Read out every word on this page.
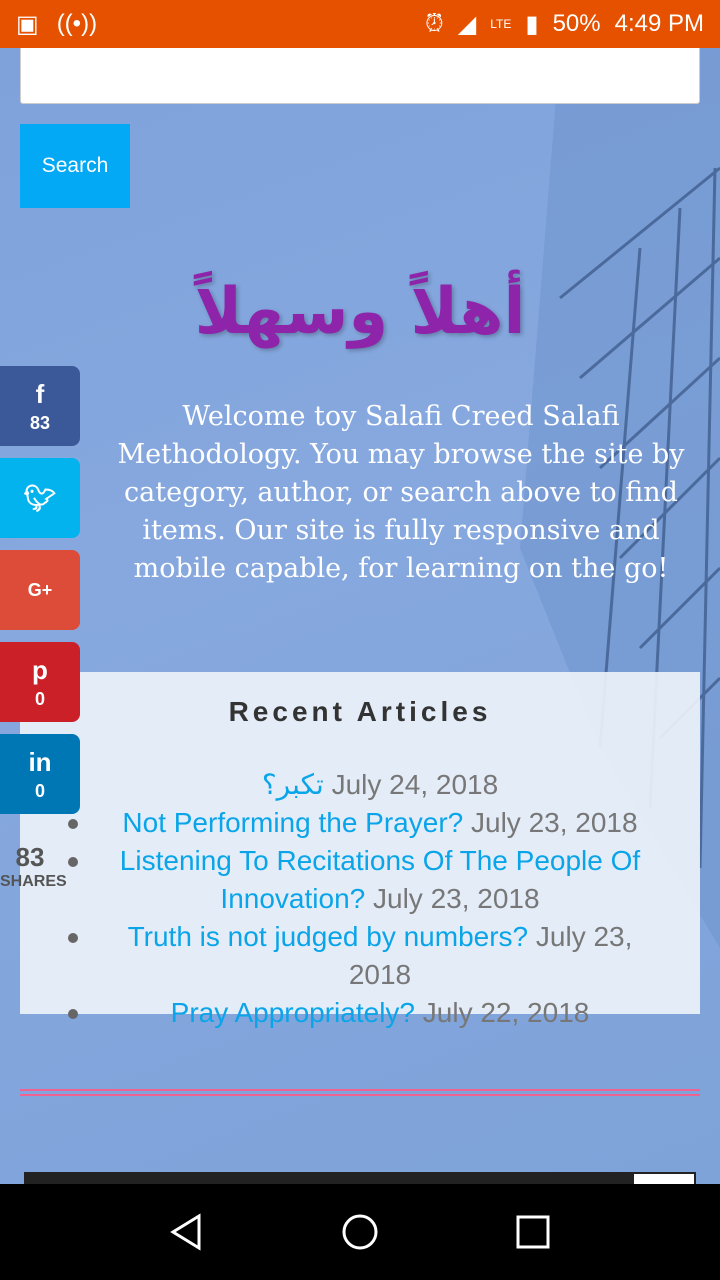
Search
أهلاً وسهلاً
Welcome toy Salafi Creed Salafi Methodology. You may browse the site by category, author, or search above to find items. Our site is fully responsive and mobile capable, for learning on the go!
Recent Articles
تكبر؟ July 24, 2018
Not Performing the Prayer? July 23, 2018
Listening To Recitations Of The People Of Innovation? July 23, 2018
Truth is not judged by numbers? July 23, 2018
Pray Appropriately? July 22, 2018
f
83
🐦︎
G+
p
0
in
0
83
SHARES
▣ ((•))	⏰︎ ◢ LTE ▮ 50% 4:49 PM
